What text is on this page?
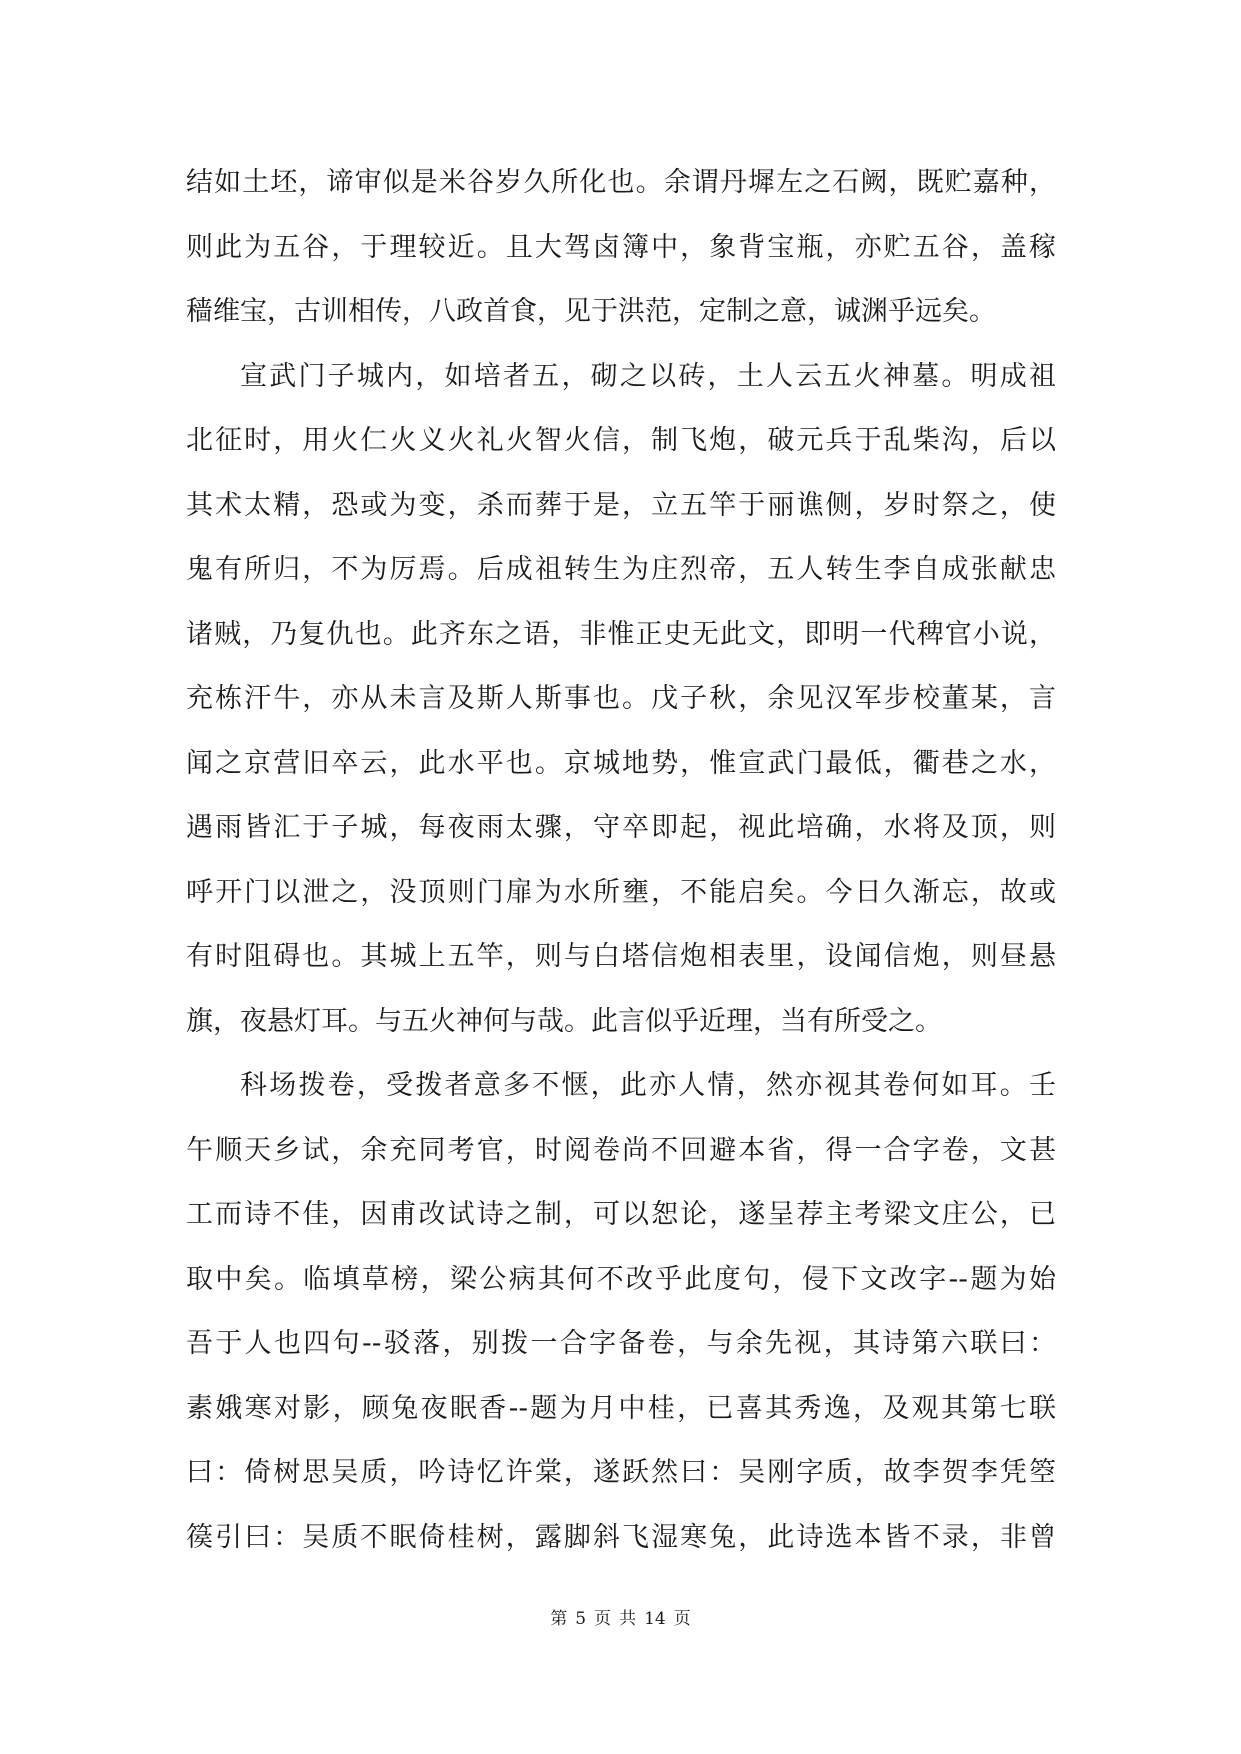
结如土坯，谛审似是米谷岁久所化也。余谓丹墀左之石阙，既贮嘉种，
则此为五谷，于理较近。且大驾卤簿中，象背宝瓶，亦贮五谷，盖稼
穑维宝，古训相传，八政首食，见于洪范，定制之意，诚渊乎远矣。
宣武门子城内，如培者五，砌之以砖，土人云五火神墓。明成祖
北征时，用火仁火义火礼火智火信，制飞炮，破元兵于乱柴沟，后以
其术太精，恐或为变，杀而葬于是，立五竿于丽谯侧，岁时祭之，使
鬼有所归，不为厉焉。后成祖转生为庄烈帝，五人转生李自成张献忠
诸贼，乃复仇也。此齐东之语，非惟正史无此文，即明一代稗官小说，
充栋汗牛，亦从未言及斯人斯事也。戊子秋，余见汉军步校董某，言
闻之京营旧卒云，此水平也。京城地势，惟宣武门最低，衢巷之水，
遇雨皆汇于子城，每夜雨太骤，守卒即起，视此培确，水将及顶，则
呼开门以泄之，没顶则门扉为水所壅，不能启矣。今日久渐忘，故或
有时阻碍也。其城上五竿，则与白塔信炮相表里，设闻信炮，则昼悬
旗，夜悬灯耳。与五火神何与哉。此言似乎近理，当有所受之。
科场拨卷，受拨者意多不惬，此亦人情，然亦视其卷何如耳。壬
午顺天乡试，余充同考官，时阅卷尚不回避本省，得一合字卷，文甚
工而诗不佳，因甫改试诗之制，可以恕论，遂呈荐主考梁文庄公，已
取中矣。临填草榜，梁公病其何不改乎此度句，侵下文改字--题为始
吾于人也四句--驳落，别拨一合字备卷，与余先视，其诗第六联曰：
素娥寒对影，顾兔夜眠香--题为月中桂，已喜其秀逸，及观其第七联
曰：倚树思吴质，吟诗忆许棠，遂跃然曰：吴刚字质，故李贺李凭箜
篌引曰：吴质不眠倚桂树，露脚斜飞湿寒兔，此诗选本皆不录，非曾
第 5 页 共 14 页
